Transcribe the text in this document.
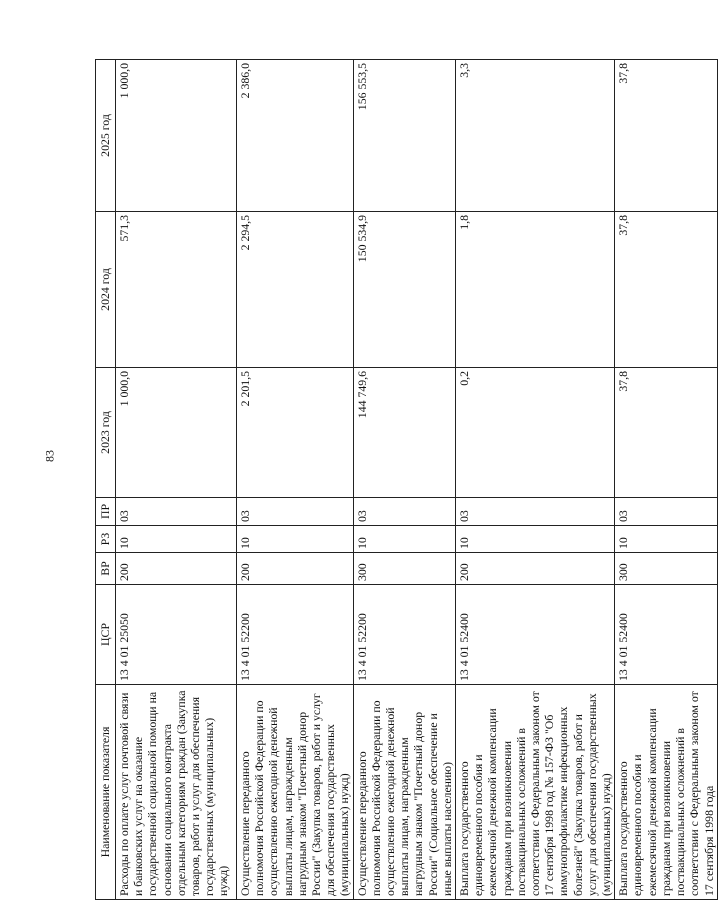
83
Наименование показателя	ЦСР	ВР	РЗ	ПР	2023 год	2024 год	2025 год
Расходы по оплате услуг почтовой связи и банковских услуг на оказание государственной социальной помощи на основании социального контракта отдельным категориям граждан (Закупка товаров, работ и услуг для обеспечения государственных (муниципальных) нужд)	13 4 01 25050	200	10	03	1 000,0	571,3	1 000,0
Осуществление переданного полномочия Российской Федерации по осуществлению ежегодной денежной выплаты лицам, награжденным нагрудным знаком "Почетный донор России" (Закупка товаров, работ и услуг для обеспечения государственных (муниципальных) нужд)	13 4 01 52200	200	10	03	2 201,5	2 294,5	2 386,0
Осуществление переданного полномочия Российской Федерации по осуществлению ежегодной денежной выплаты лицам, награжденным нагрудным знаком "Почетный донор России" (Социальное обеспечение и иные выплаты населению)	13 4 01 52200	300	10	03	144 749,6	150 534,9	156 553,5
Выплата государственного единовременного пособия и ежемесячной денежной компенсации гражданам при возникновении поствакцинальных осложнений в соответствии с Федеральным законом от 17 сентября 1998 год № 157-ФЗ "Об иммунопрофилактике инфекционных болезней" (Закупка товаров, работ и услуг для обеспечения государственных (муниципальных) нужд)	13 4 01 52400	200	10	03	0,2	1,8	3,3
Выплата государственного единовременного пособия и ежемесячной денежной компенсации гражданам при возникновении поствакцинальных осложнений в соответствии с Федеральным законом от 17 сентября 1998 года	13 4 01 52400	300	10	03	37,8	37,8	37,8
